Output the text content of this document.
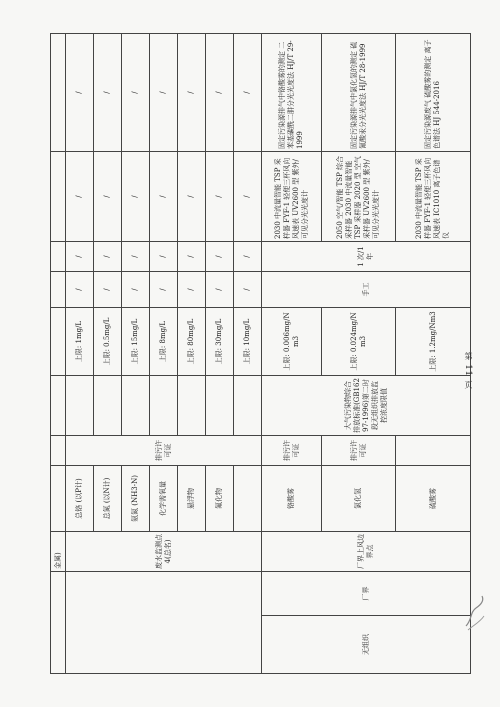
		金属)								
		废水监测点4(总名)	总铬 (以P计)	排污许可证		上限: 1mg/L	/	/	/	/
			总氮 (以N计)			上限: 0.5mg/L	/	/	/	/
			氨氮 (NH3-N)			上限: 15mg/L	/	/	/	/
			化学需氧量			上限: 8mg/L	/	/	/	/
			悬浮物			上限: 80mg/L	/	/	/	/
			氟化物			上限: 30mg/L	/	/	/	/
						上限: 10mg/L	/	/	/	/
无组织	厂界	厂界上风边界点	铬酸雾	排污许可证	大气污染物综合排放标准(GB16297-1996)第二时段无组织排放监控浓度限值	上限: 0.006mg/Nm3	手工	1 次/1年	2030 中流量智能 TSP 采样器 FYF-1 轻便三杯风向风速表 UV2600 型 紫外/可见分光光度计	固定污染源排气中铬酸雾的测定 二苯基碳酰二肼分光光度法 HJ/T 29-1999
			氯化氢	排污许可证		上限: 0.024mg/Nm3			2050 空气/智能 TSP 综合采样器 2030 中流量智能 TSP 采样器 2020 型 空气采样器 UV2600 型 紫外/可见分光光度计	固定污染源排气中氯化氢的测定 硫氰酸汞分光光度法 HJ/T 28-1999
			硫酸雾			上限: 1.2mg/Nm3			2030 中流量智能 TSP 采样器 FYF-1 轻便三杯风向风速表 IC1010 离子色谱仪	固定污染源废气 硫酸雾的测定 离子色谱法 HJ 544-2016
第 11 页
